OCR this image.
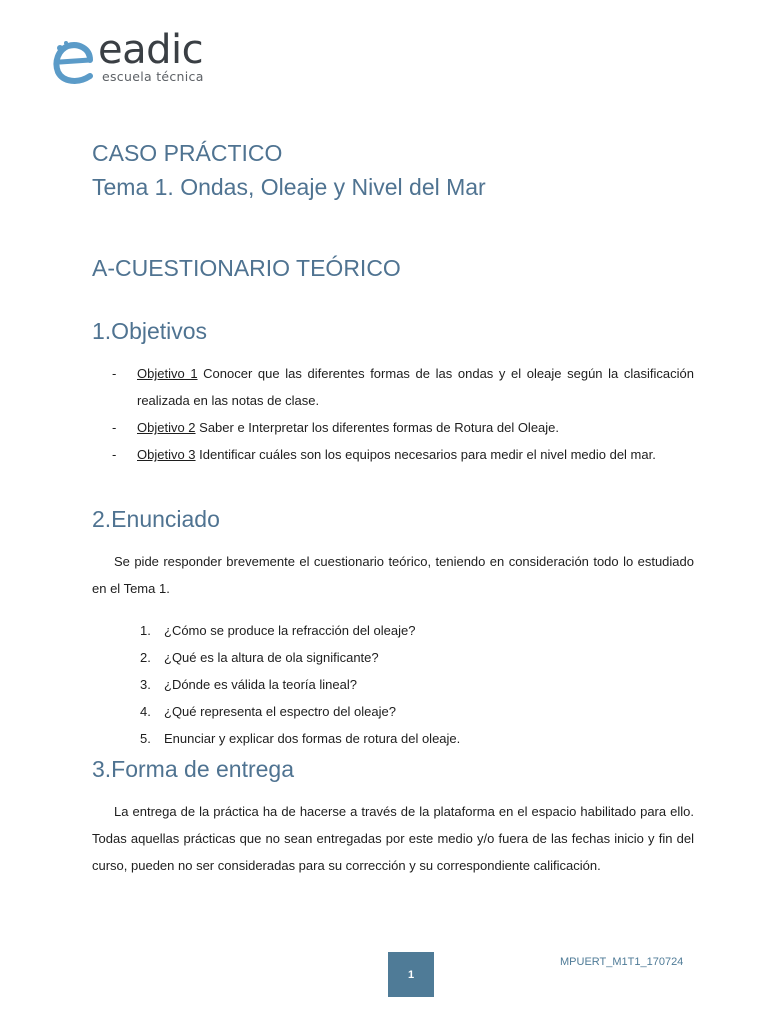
eadic

escuela técnica

CASO PRÁCTICO

Tema 1. Ondas, Oleaje y Nivel del Mar

A-CUESTIONARIO TEÓRICO

1.Objetivos

- Objetivo 1 Conocer que las diferentes formas de las ondas y el oleaje según la clasificación realizada en las notas de clase.
- Objetivo 2 Saber e Interpretar los diferentes formas de Rotura del Oleaje.
- Objetivo 3 Identificar cuáles son los equipos necesarios para medir el nivel medio del mar.

2.Enunciado

Se pide responder brevemente el cuestionario teórico, teniendo en consideración todo lo estudiado en el Tema 1.

1. ¿Cómo se produce la refracción del oleaje?
2. ¿Qué es la altura de ola significante?
3. ¿Dónde es válida la teoría lineal?
4. ¿Qué representa el espectro del oleaje?
5. Enunciar y explicar dos formas de rotura del oleaje.

3.Forma de entrega

La entrega de la práctica ha de hacerse a través de la plataforma en el espacio habilitado para ello. Todas aquellas prácticas que no sean entregadas por este medio y/o fuera de las fechas inicio y fin del curso, pueden no ser consideradas para su corrección y su correspondiente calificación.

1

MPUERT_M1T1_170724
